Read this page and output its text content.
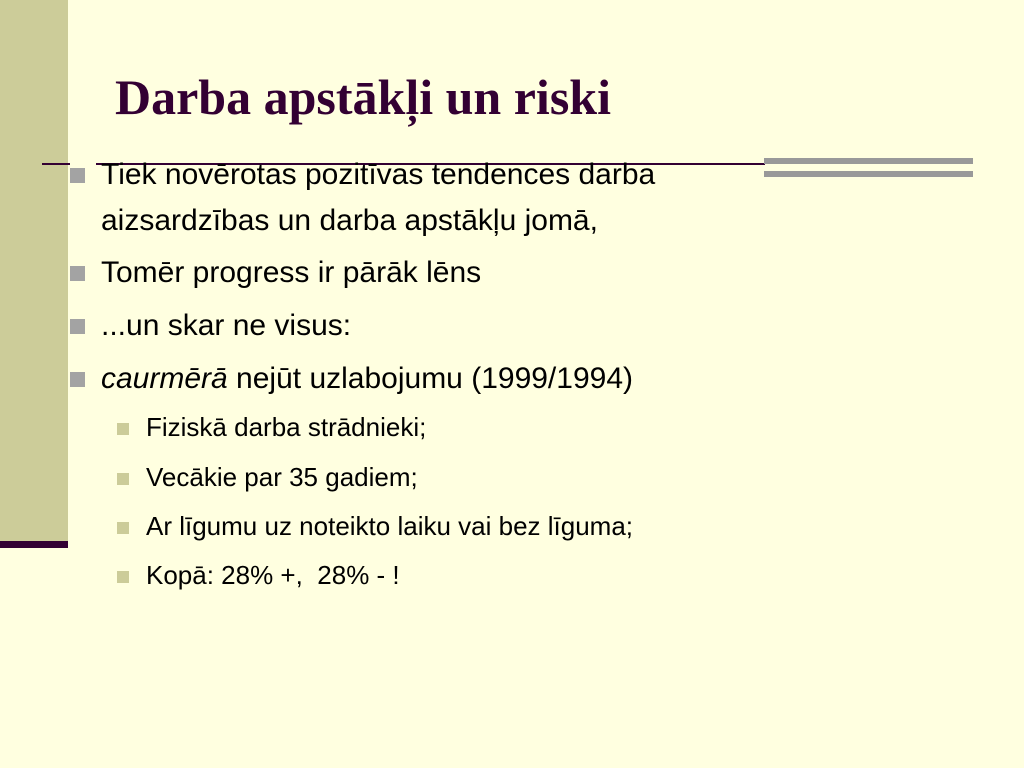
Darba apstākļi un riski

Tiek novērotas pozitīvas tendences darba

aizsardzības un darba apstākļu jomā,

Tomēr progress ir pārāk lēns

...un skar ne visus:

caurmērā nejūt uzlabojumu (1999/1994)

Fiziskā darba strādnieki;

Vecākie par 35 gadiem;

Ar līgumu uz noteikto laiku vai bez līguma;

Kopā: 28% +,  28% - !
